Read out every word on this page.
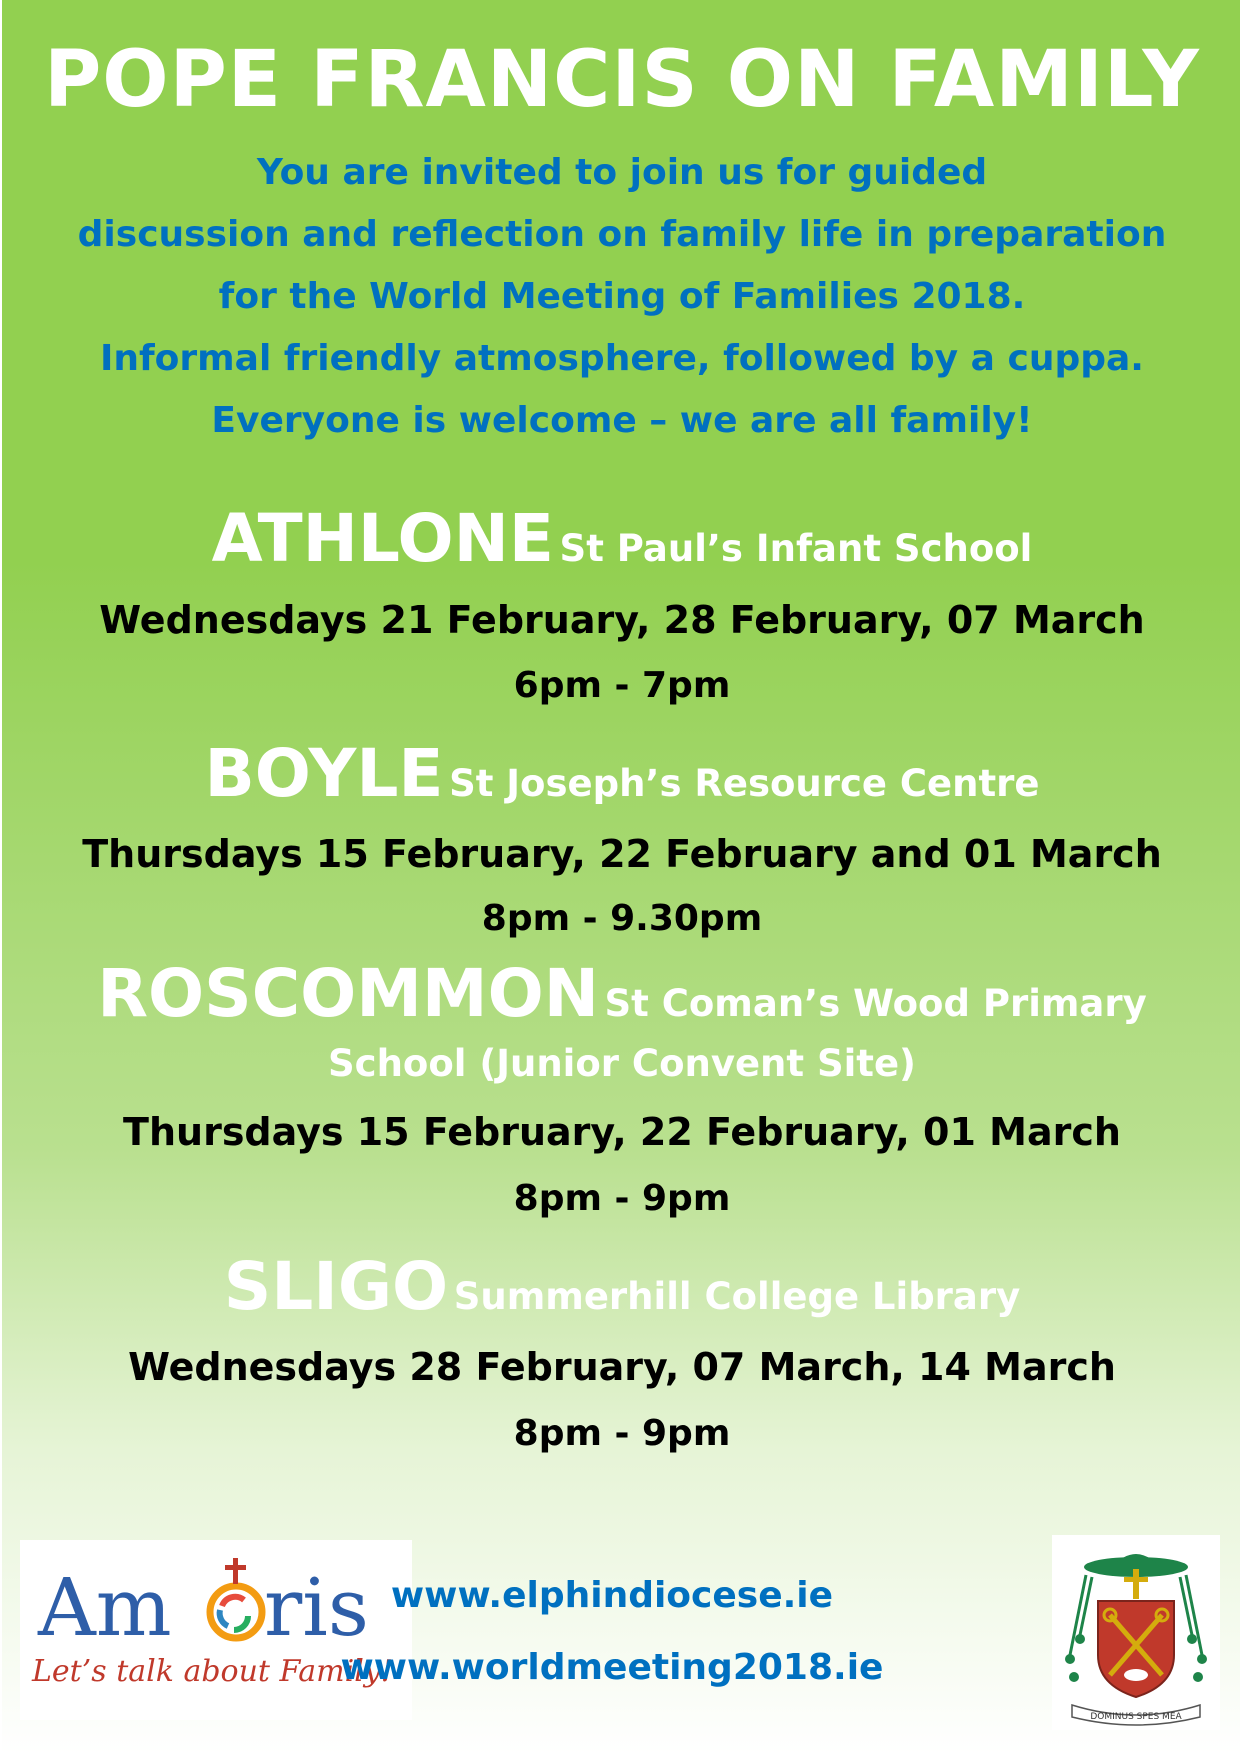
POPE FRANCIS ON FAMILY
You are invited to join us for guided
discussion and reflection on family life in preparation
for the World Meeting of Families 2018.
Informal friendly atmosphere, followed by a cuppa.
Everyone is welcome – we are all family!
ATHLONE St Paul’s Infant School
Wednesdays 21 February, 28 February, 07 March
6pm - 7pm
BOYLE St Joseph’s Resource Centre
Thursdays 15 February, 22 February and 01 March
8pm - 9.30pm
ROSCOMMON St Coman’s Wood Primary
School (Junior Convent Site)
Thursdays 15 February, 22 February, 01 March
8pm - 9pm
SLIGO Summerhill College Library
Wednesdays 28 February, 07 March, 14 March
8pm - 9pm
Am ris
Let’s talk about Family!
www.elphindiocese.ie
www.worldmeeting2018.ie
DOMINUS SPES MEA
